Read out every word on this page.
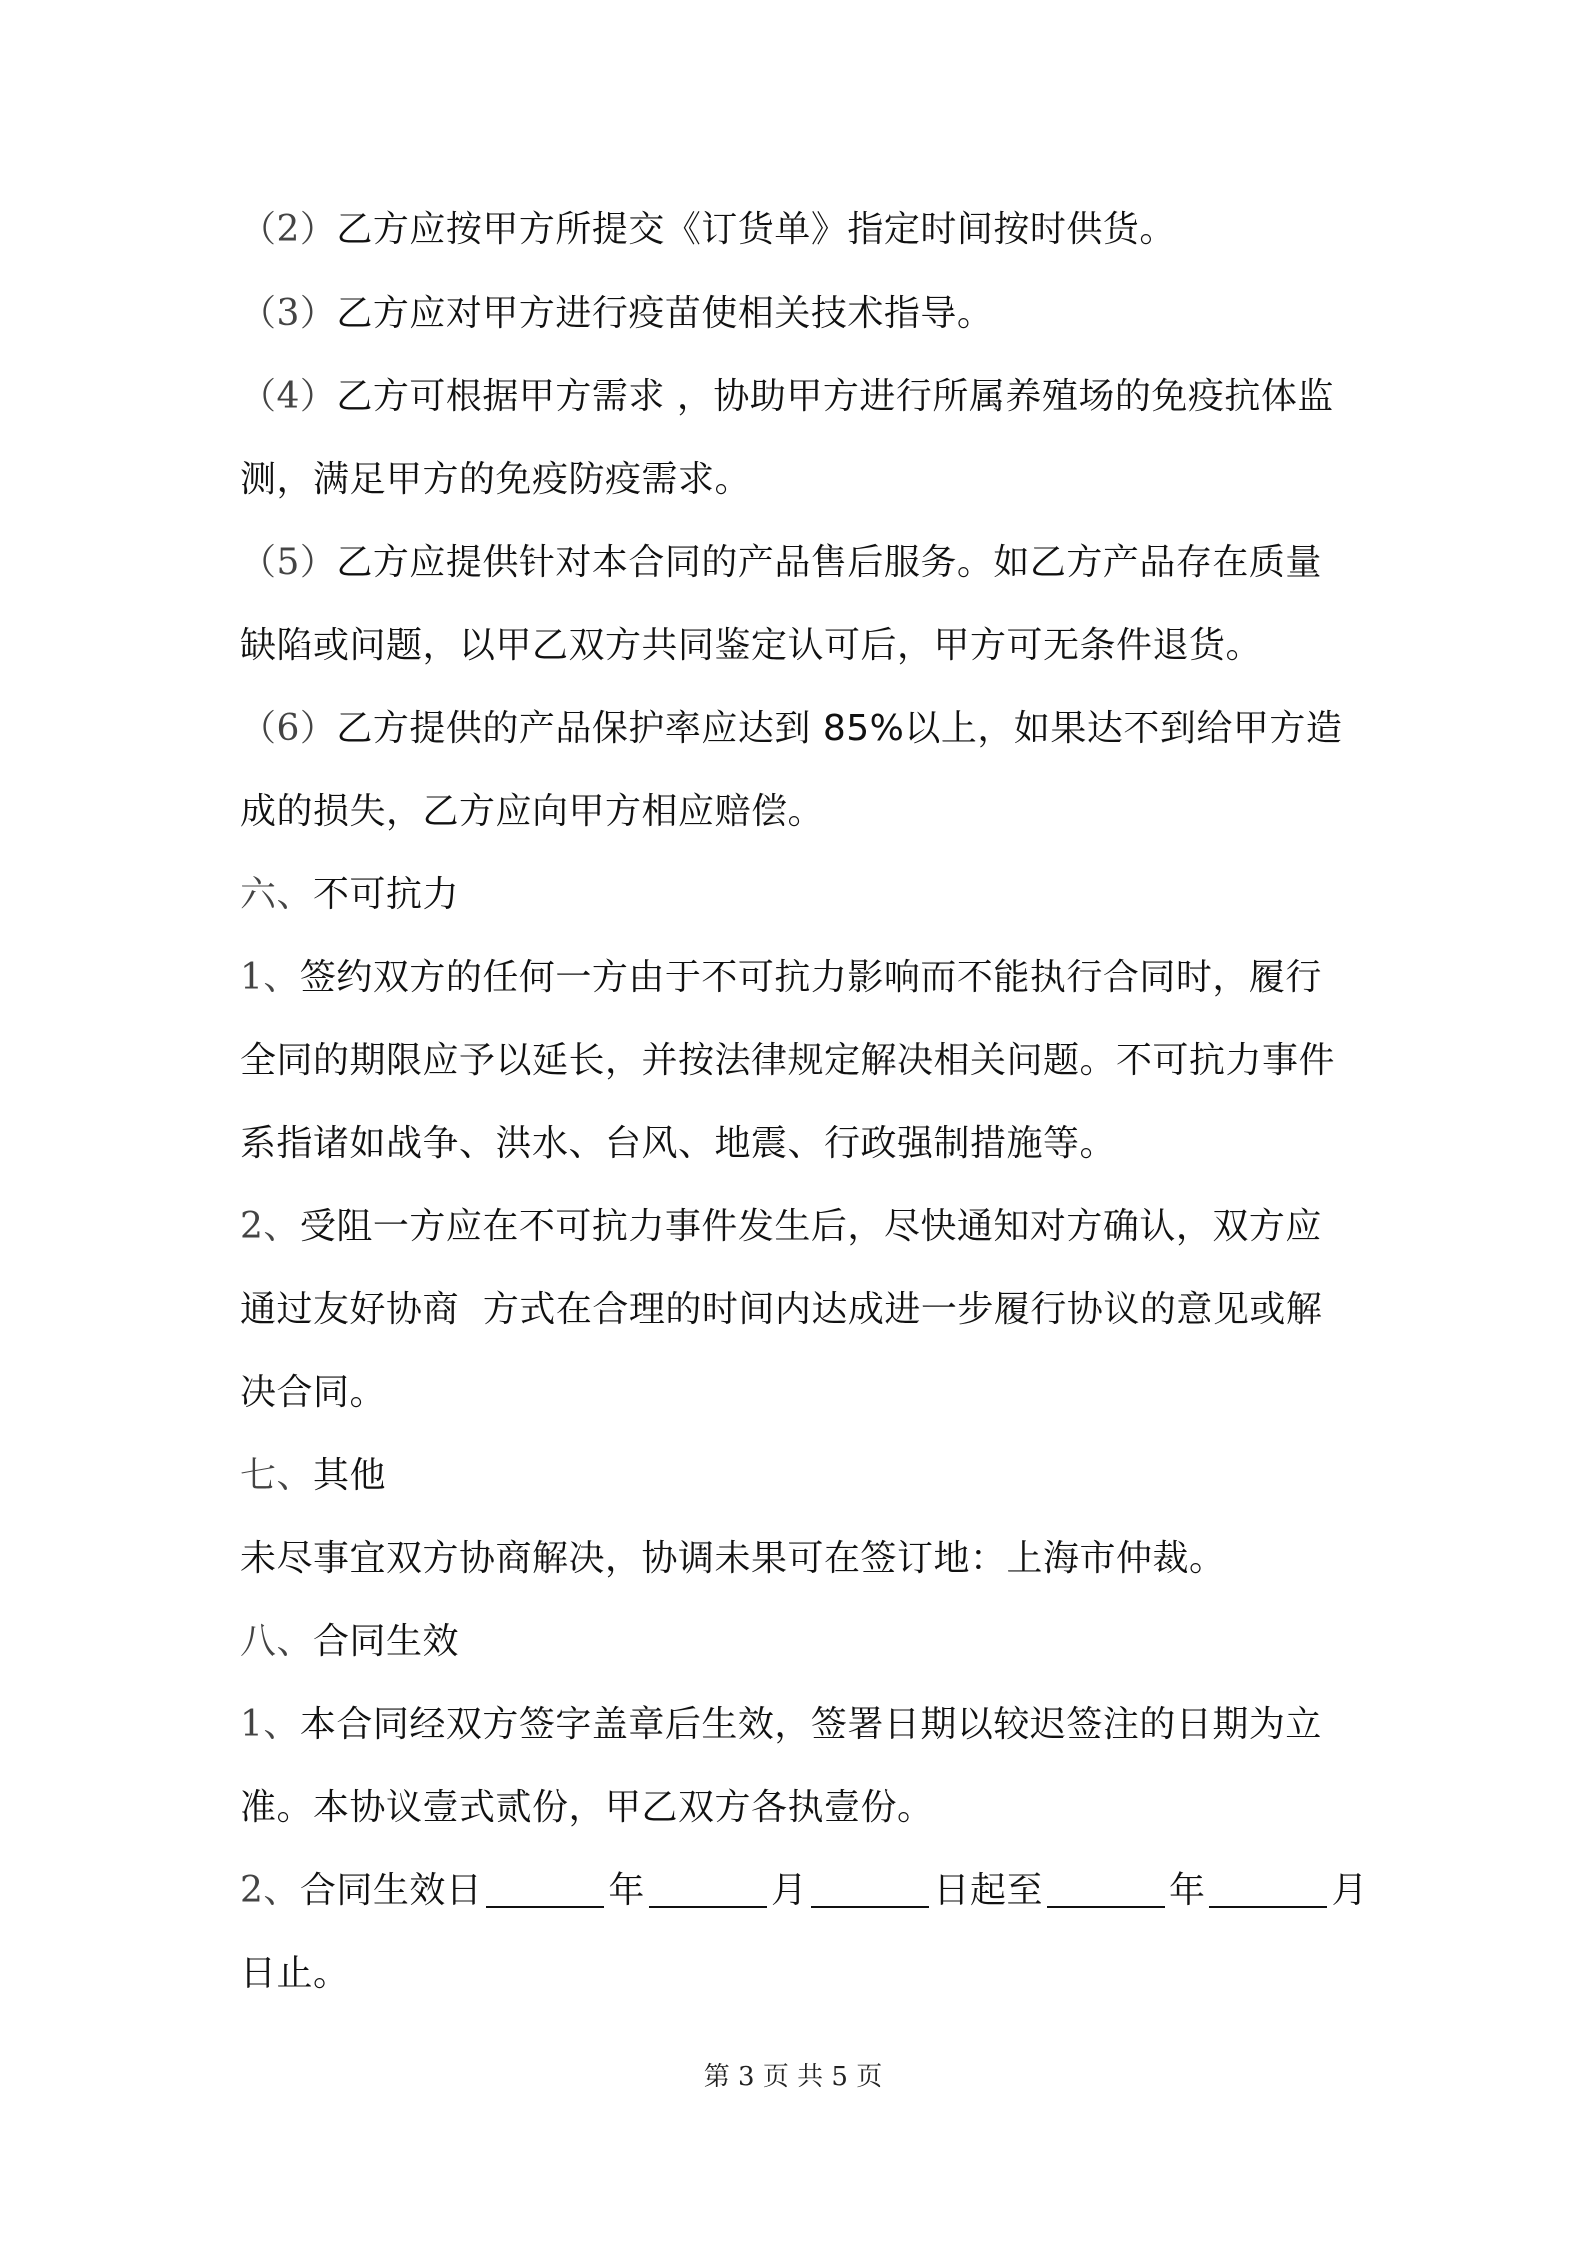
（2）乙方应按甲方所提交《订货单》指定时间按时供货。
（3）乙方应对甲方进行疫苗使相关技术指导。
（4）乙方可根据甲方需求 ，协助甲方进行所属养殖场的免疫抗体监
测，满足甲方的免疫防疫需求。
（5）乙方应提供针对本合同的产品售后服务。如乙方产品存在质量
缺陷或问题，以甲乙双方共同鉴定认可后，甲方可无条件退货。
（6）乙方提供的产品保护率应达到 85%以上，如果达不到给甲方造
成的损失，乙方应向甲方相应赔偿。
六、不可抗力
1、签约双方的任何一方由于不可抗力影响而不能执行合同时，履行
全同的期限应予以延长，并按法律规定解决相关问题。不可抗力事件
系指诸如战争、洪水、台风、地震、行政强制措施等。
2、受阻一方应在不可抗力事件发生后，尽快通知对方确认，双方应
通过友好协商  方式在合理的时间内达成进一步履行协议的意见或解
决合同。
七、其他
未尽事宜双方协商解决，协调未果可在签订地：上海市仲裁。
八、合同生效
1、本合同经双方签字盖章后生效，签署日期以较迟签注的日期为立
准。本协议壹式贰份，甲乙双方各执壹份。
2、合同生效日	年	月	日起至	年	月
日止。
第 3 页 共 5 页
